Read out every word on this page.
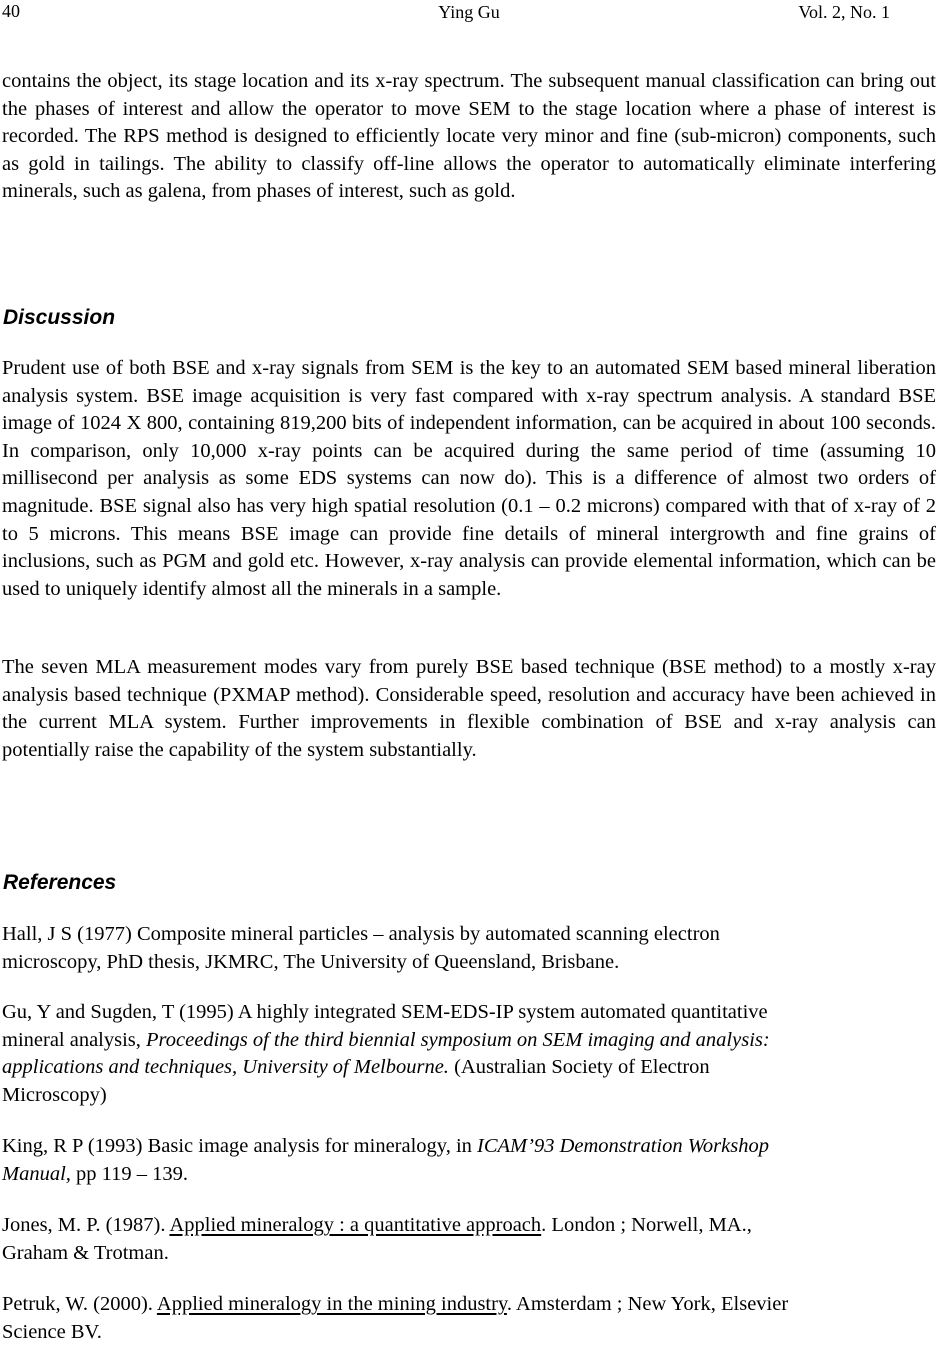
40	Ying Gu	Vol. 2, No. 1

contains the object, its stage location and its x-ray spectrum. The subsequent manual classification can bring out the phases of interest and allow the operator to move SEM to the stage location where a phase of interest is recorded. The RPS method is designed to efficiently locate very minor and fine (sub-micron) components, such as gold in tailings. The ability to classify off-line allows the operator to automatically eliminate interfering minerals, such as galena, from phases of interest, such as gold.

Discussion

Prudent use of both BSE and x-ray signals from SEM is the key to an automated SEM based mineral liberation analysis system. BSE image acquisition is very fast compared with x-ray spectrum analysis. A standard BSE image of 1024 X 800, containing 819,200 bits of independent information, can be acquired in about 100 seconds. In comparison, only 10,000 x-ray points can be acquired during the same period of time (assuming 10 millisecond per analysis as some EDS systems can now do). This is a difference of almost two orders of magnitude. BSE signal also has very high spatial resolution (0.1 – 0.2 microns) compared with that of x-ray of 2 to 5 microns. This means BSE image can provide fine details of mineral intergrowth and fine grains of inclusions, such as PGM and gold etc. However, x-ray analysis can provide elemental information, which can be used to uniquely identify almost all the minerals in a sample.

The seven MLA measurement modes vary from purely BSE based technique (BSE method) to a mostly x-ray analysis based technique (PXMAP method). Considerable speed, resolution and accuracy have been achieved in the current MLA system. Further improvements in flexible combination of BSE and x-ray analysis can potentially raise the capability of the system substantially.

References
Hall, J S (1977) Composite mineral particles – analysis by automated scanning electron
microscopy, PhD thesis, JKMRC, The University of Queensland, Brisbane.
Gu, Y and Sugden, T (1995) A highly integrated SEM-EDS-IP system automated quantitative
mineral analysis, Proceedings of the third biennial symposium on SEM imaging and analysis:
applications and techniques, University of Melbourne. (Australian Society of Electron
Microscopy)
King, R P (1993) Basic image analysis for mineralogy, in ICAM’93 Demonstration Workshop
Manual, pp 119 – 139.
Jones, M. P. (1987). Applied mineralogy : a quantitative approach. London ; Norwell, MA.,
Graham & Trotman.
Petruk, W. (2000). Applied mineralogy in the mining industry. Amsterdam ; New York, Elsevier
Science BV.
